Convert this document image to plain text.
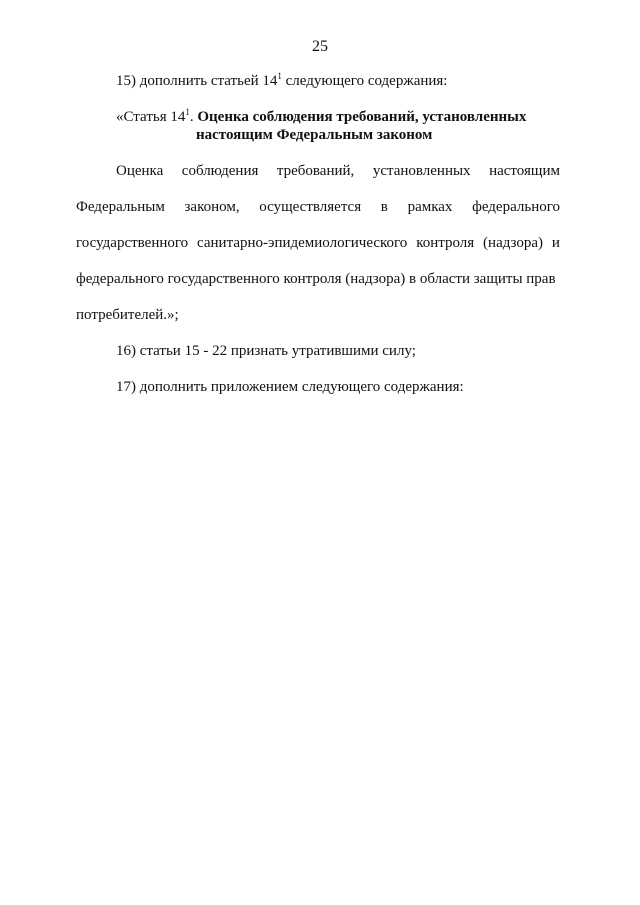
25
15) дополнить статьей $14^1$ следующего содержания:
«Статья $14^1$. Оценка соблюдения требований, установленных
настоящим Федеральным законом
Оценка соблюдения требований, установленных настоящим
Федеральным законом, осуществляется в рамках федерального
государственного санитарно-эпидемиологического контроля (надзора) и
федерального государственного контроля (надзора) в области защиты прав
потребителей.»;
16) статьи 15 - 22 признать утратившими силу;
17) дополнить приложением следующего содержания:
